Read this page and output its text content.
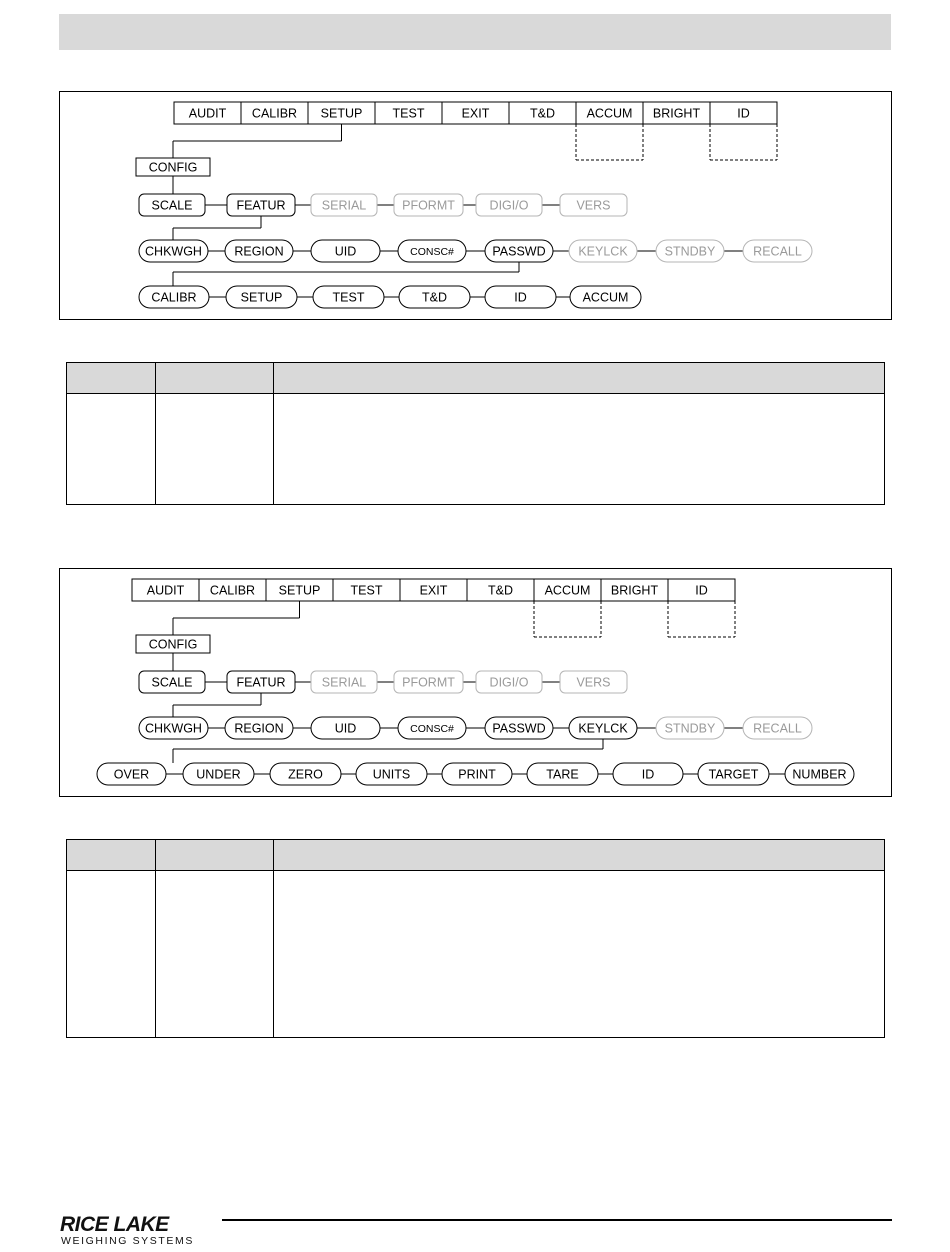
AUDIT CALIBR SETUP TEST	EXIT	T&D	ACCUM BRIGHT	ID
CONFIG
SCALE	FEATUR	SERIAL	PFORMT	DIGI/O	VERS
CHKWGH	REGION	UID	CONSC#	PASSWD	KEYLCK	STNDBY	RECALL
CALIBR	SETUP	TEST	T&D	ID	ACCUM

AUDIT CALIBR SETUP TEST	EXIT	T&D	ACCUM BRIGHT	ID
CONFIG
SCALE	FEATUR	SERIAL	PFORMT	DIGI/O	VERS
CHKWGH	REGION	UID	CONSC#	PASSWD	KEYLCK	STNDBY	RECALL
OVER	UNDER	ZERO	UNITS	PRINT	TARE	ID	TARGET	NUMBER

RICE LAKE
WEIGHING SYSTEMS
